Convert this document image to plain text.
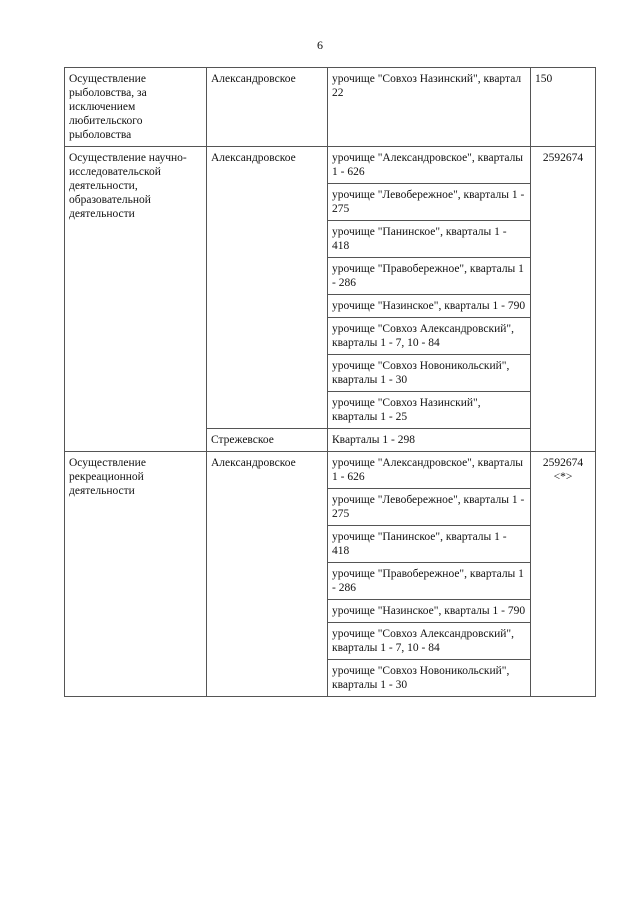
6
Осуществление рыболовства, за исключением любительского рыболовства	Александровское	урочище "Совхоз Назинский", квартал 22	150

Осуществление научно-исследовательской деятельности, образовательной деятельности	Александровское	урочище "Александровское", кварталы 1 - 626	2592674

		урочище "Левобережное", кварталы 1 - 275	
		урочище "Панинское", кварталы 1 - 418	
		урочище "Правобережное", кварталы 1 - 286	
		урочище "Назинское", кварталы 1 - 790	
		урочище "Совхоз Александровский", кварталы 1 - 7, 10 - 84	
		урочище "Совхоз Новоникольский", кварталы 1 - 30	
		урочище "Совхоз Назинский", кварталы 1 - 25	
	Стрежевское	Кварталы 1 - 298	
Осуществление рекреационной деятельности	Александровское	урочище "Александровское", кварталы 1 - 626	2592674
<*>

		урочище "Левобережное", кварталы 1 - 275	
		урочище "Панинское", кварталы 1 - 418	
		урочище "Правобережное", кварталы 1 - 286	
		урочище "Назинское", кварталы 1 - 790	
		урочище "Совхоз Александровский", кварталы 1 - 7, 10 - 84	
		урочище "Совхоз Новоникольский", кварталы 1 - 30	
